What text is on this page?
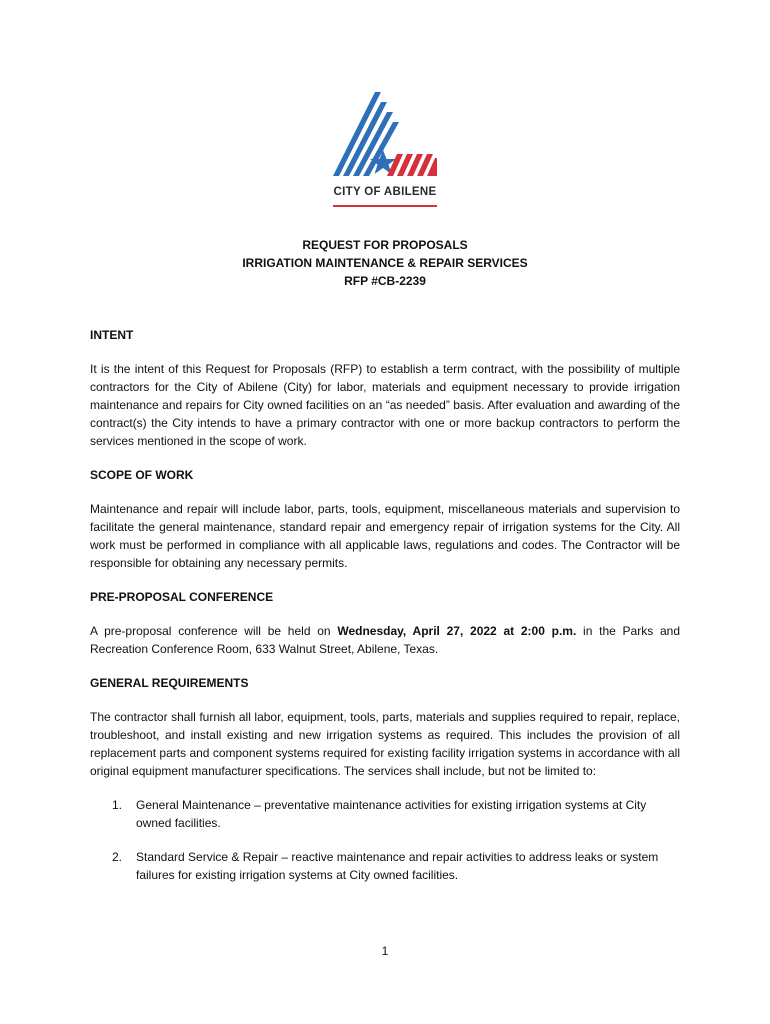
CITY OF ABILENE
REQUEST FOR PROPOSALS
IRRIGATION MAINTENANCE & REPAIR SERVICES
RFP #CB-2239
INTENT

It is the intent of this Request for Proposals (RFP) to establish a term contract, with the possibility of multiple contractors for the City of Abilene (City) for labor, materials and equipment necessary to provide irrigation maintenance and repairs for City owned facilities on an “as needed” basis. After evaluation and awarding of the contract(s) the City intends to have a primary contractor with one or more backup contractors to perform the services mentioned in the scope of work.

SCOPE OF WORK

Maintenance and repair will include labor, parts, tools, equipment, miscellaneous materials and supervision to facilitate the general maintenance, standard repair and emergency repair of irrigation systems for the City. All work must be performed in compliance with all applicable laws, regulations and codes. The Contractor will be responsible for obtaining any necessary permits.

PRE-PROPOSAL CONFERENCE

A pre-proposal conference will be held on Wednesday, April 27, 2022 at 2:00 p.m. in the Parks and Recreation Conference Room, 633 Walnut Street, Abilene, Texas.

GENERAL REQUIREMENTS

The contractor shall furnish all labor, equipment, tools, parts, materials and supplies required to repair, replace, troubleshoot, and install existing and new irrigation systems as required. This includes the provision of all replacement parts and component systems required for existing facility irrigation systems in accordance with all original equipment manufacturer specifications. The services shall include, but not be limited to:

1. General Maintenance – preventative maintenance activities for existing irrigation systems at City owned facilities.
2. Standard Service & Repair – reactive maintenance and repair activities to address leaks or system failures for existing irrigation systems at City owned facilities.
1
